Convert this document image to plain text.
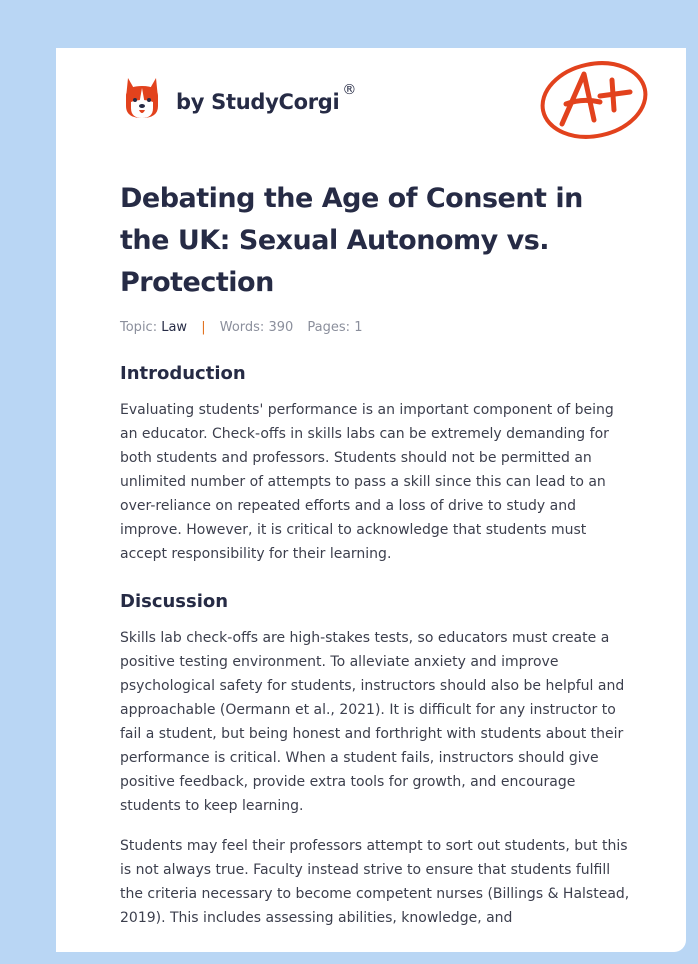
by StudyCorgi ®
Debating the Age of Consent in the UK: Sexual Autonomy vs. Protection
Topic: Law | Words: 390 Pages: 1
Introduction

Evaluating students' performance is an important component of being an educator. Check-offs in skills labs can be extremely demanding for both students and professors. Students should not be permitted an unlimited number of attempts to pass a skill since this can lead to an over-reliance on repeated efforts and a loss of drive to study and improve. However, it is critical to acknowledge that students must accept responsibility for their learning.

Discussion

Skills lab check-offs are high-stakes tests, so educators must create a positive testing environment. To alleviate anxiety and improve psychological safety for students, instructors should also be helpful and approachable (Oermann et al., 2021). It is difficult for any instructor to fail a student, but being honest and forthright with students about their performance is critical. When a student fails, instructors should give positive feedback, provide extra tools for growth, and encourage students to keep learning.

Students may feel their professors attempt to sort out students, but this is not always true. Faculty instead strive to ensure that students fulfill the criteria necessary to become competent nurses (Billings & Halstead, 2019). This includes assessing abilities, knowledge, and
